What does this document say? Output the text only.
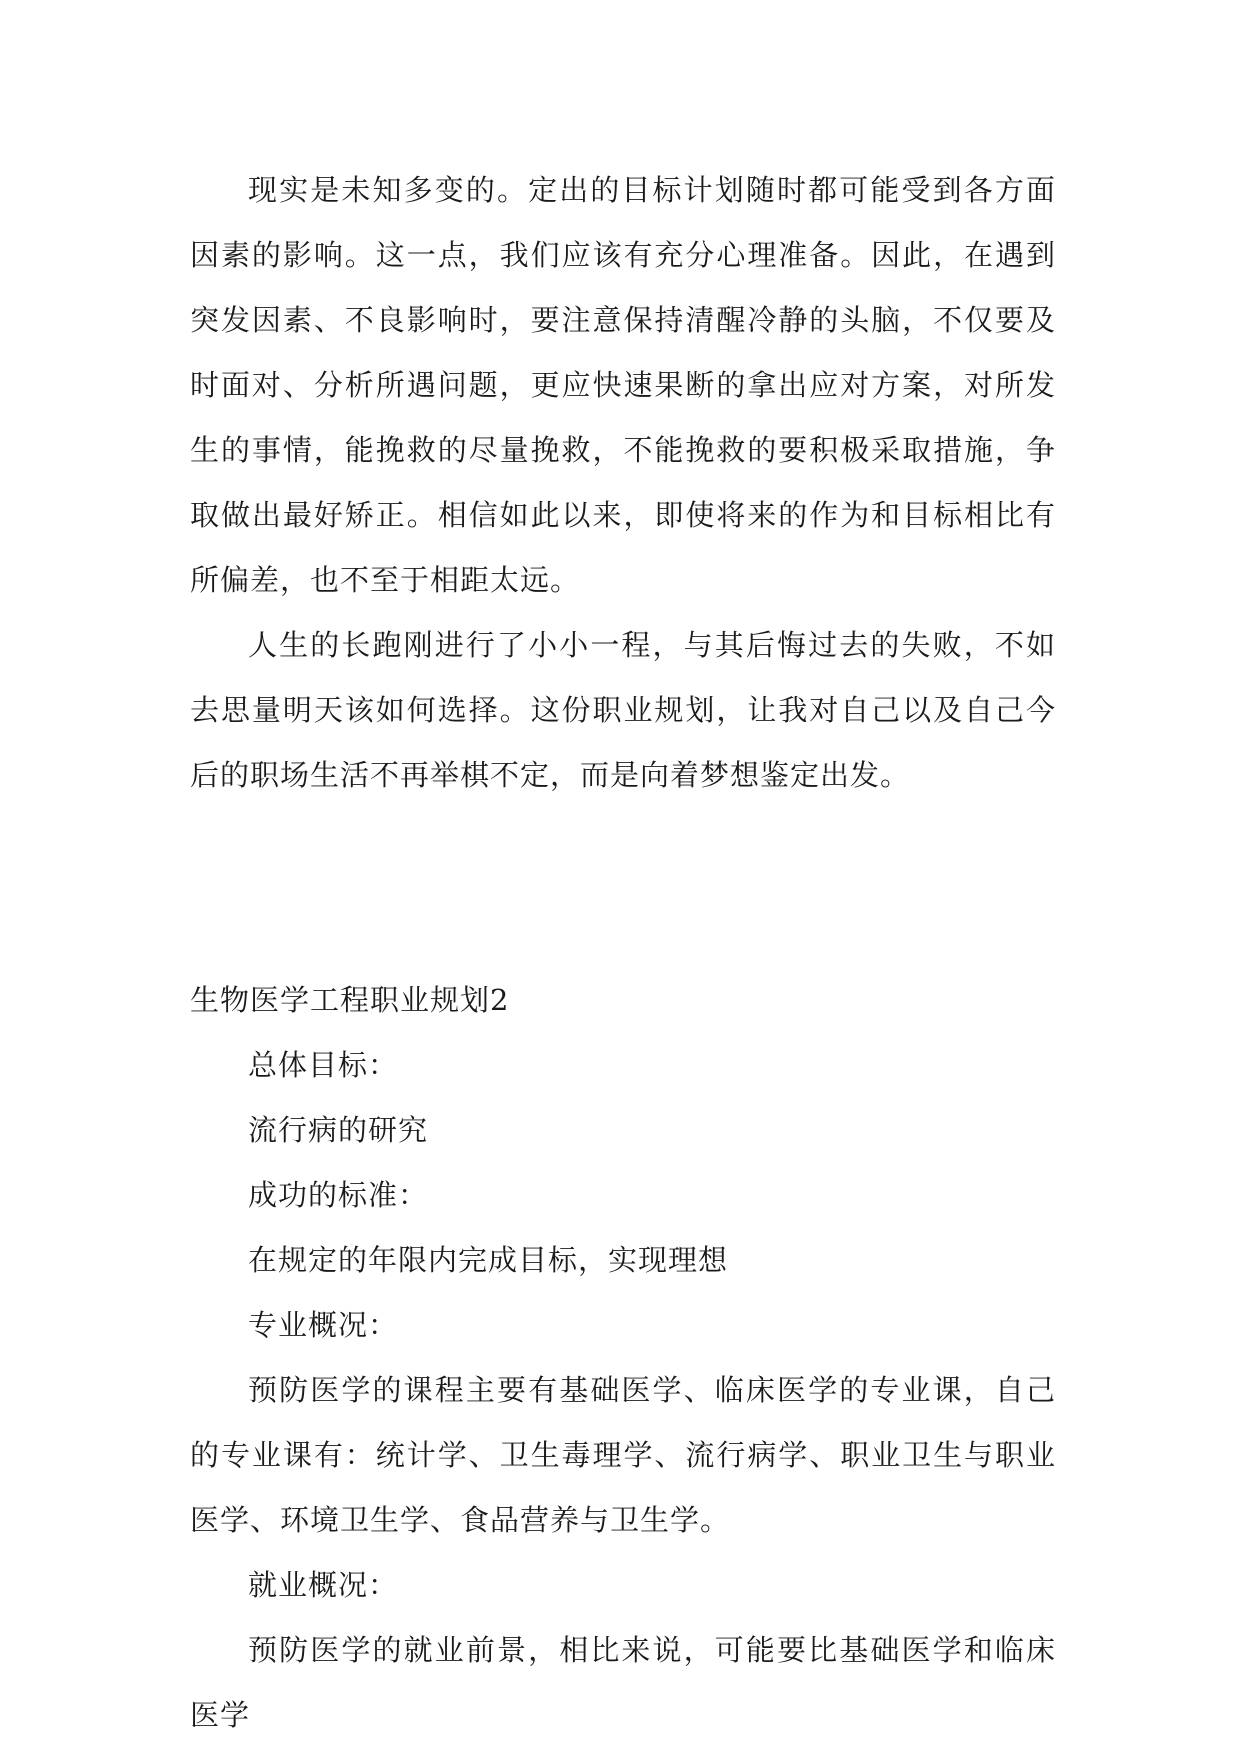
现实是未知多变的。定出的目标计划随时都可能受到各方面因素的影响。这一点，我们应该有充分心理准备。因此，在遇到突发因素、不良影响时，要注意保持清醒冷静的头脑，不仅要及时面对、分析所遇问题，更应快速果断的拿出应对方案，对所发生的事情，能挽救的尽量挽救，不能挽救的要积极采取措施，争取做出最好矫正。相信如此以来，即使将来的作为和目标相比有所偏差，也不至于相距太远。

人生的长跑刚进行了小小一程，与其后悔过去的失败，不如去思量明天该如何选择。这份职业规划，让我对自己以及自己今后的职场生活不再举棋不定，而是向着梦想鉴定出发。

生物医学工程职业规划2

总体目标：

流行病的研究

成功的标准：

在规定的年限内完成目标，实现理想

专业概况：

预防医学的课程主要有基础医学、临床医学的专业课，自己的专业课有：统计学、卫生毒理学、流行病学、职业卫生与职业医学、环境卫生学、食品营养与卫生学。

就业概况：

预防医学的就业前景，相比来说，可能要比基础医学和临床医学
